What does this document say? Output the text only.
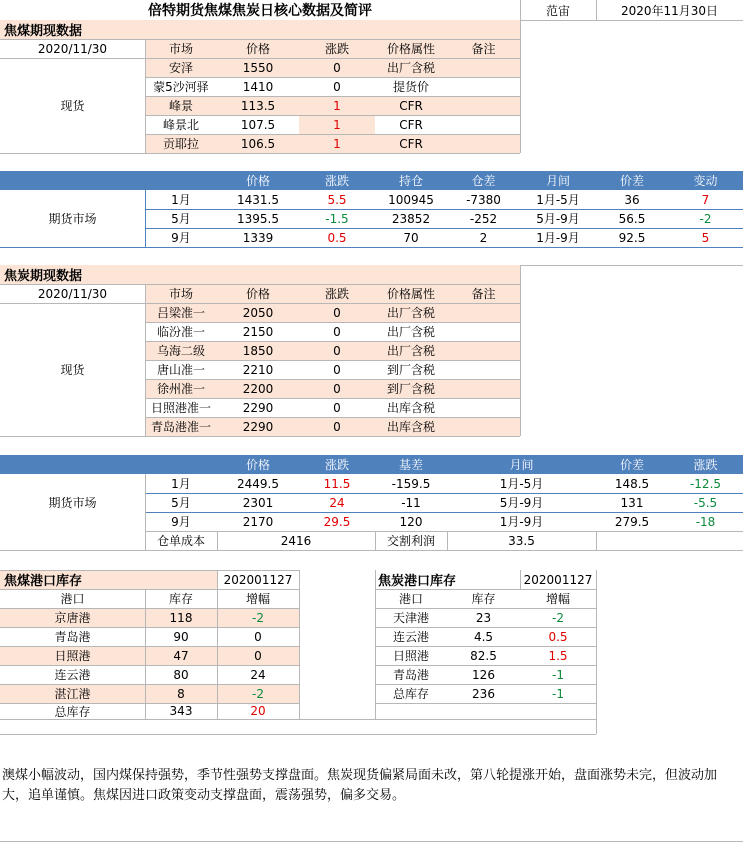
倍特期货焦煤焦炭日核心数据及简评	范宙	2020年11月30日
焦煤期现数据
2020/11/30	市场	价格	涨跌	价格属性	备注
现货
安泽	1550	0	出厂含税
蒙5沙河驿	1410	0	提货价
峰景	113.5	1	CFR
峰景北	107.5	1	CFR
贡耶拉	106.5	1	CFR
价格	涨跌	持仓	仓差	月间	价差	变动
期货市场
1月	1431.5	5.5	100945	-7380	1月-5月	36	7
5月	1395.5	-1.5	23852	-252	5月-9月	56.5	-2
9月	1339	0.5	70	2	1月-9月	92.5	5
焦炭期现数据
2020/11/30	市场	价格	涨跌	价格属性	备注
现货
吕梁准一	2050	0	出厂含税
临汾准一	2150	0	出厂含税
乌海二级	1850	0	出厂含税
唐山准一	2210	0	到厂含税
徐州准一	2200	0	到厂含税
日照港准一	2290	0	出库含税
青岛港准一	2290	0	出库含税
价格	涨跌	基差	月间	价差	涨跌
期货市场
1月	2449.5	11.5	-159.5	1月-5月	148.5	-12.5
5月	2301	24	-11	5月-9月	131	-5.5
9月	2170	29.5	120	1月-9月	279.5	-18
仓单成本	2416	交割利润	33.5
焦煤港口库存	202001127
港口	库存	增幅
京唐港	118	-2
青岛港	90	0
日照港	47	0
连云港	80	24
湛江港	8	-2
总库存	343	20
焦炭港口库存	202001127
港口	库存	增幅
天津港	23	-2
连云港	4.5	0.5
日照港	82.5	1.5
青岛港	126	-1
总库存	236	-1
澳煤小幅波动，国内煤保持强势，季节性强势支撑盘面。焦炭现货偏紧局面未改，第八轮提涨开始，盘面涨势未完，但波动加大，追单谨慎。焦煤因进口政策变动支撑盘面，震荡强势，偏多交易。
